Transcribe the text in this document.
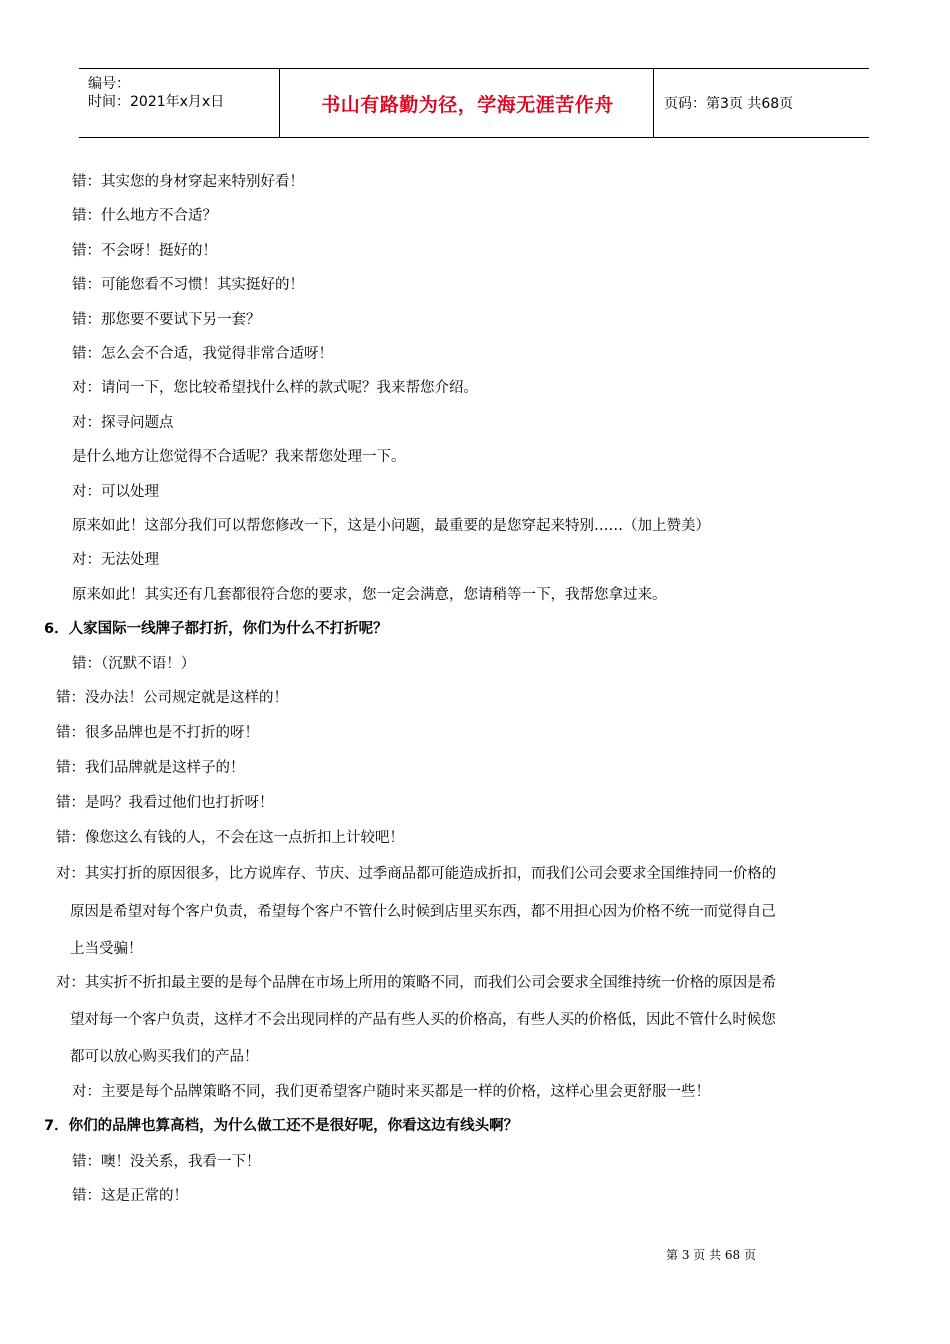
编号：
时间：2021年x月x日	书山有路勤为径，学海无涯苦作舟	页码：第3页 共68页
错：其实您的身材穿起来特别好看！
错：什么地方不合适？
错：不会呀！挺好的！
错：可能您看不习惯！其实挺好的！
错：那您要不要试下另一套？
错：怎么会不合适，我觉得非常合适呀！
对：请问一下，您比较希望找什么样的款式呢？我来帮您介绍。
对：探寻问题点
是什么地方让您觉得不合适呢？我来帮您处理一下。
对：可以处理
原来如此！这部分我们可以帮您修改一下，这是小问题，最重要的是您穿起来特别……（加上赞美）
对：无法处理
原来如此！其实还有几套都很符合您的要求，您一定会满意，您请稍等一下，我帮您拿过来。
6．人家国际一线牌子都打折，你们为什么不打折呢？
错：（沉默不语！）
错：没办法！公司规定就是这样的！
错：很多品牌也是不打折的呀！
错：我们品牌就是这样子的！
错：是吗？我看过他们也打折呀！
错：像您这么有钱的人，不会在这一点折扣上计较吧！
对：其实打折的原因很多，比方说库存、节庆、过季商品都可能造成折扣，而我们公司会要求全国维持同一价格的
原因是希望对每个客户负责，希望每个客户不管什么时候到店里买东西，都不用担心因为价格不统一而觉得自己
上当受骗！
对：其实折不折扣最主要的是每个品牌在市场上所用的策略不同，而我们公司会要求全国维持统一价格的原因是希
望对每一个客户负责，这样才不会出现同样的产品有些人买的价格高，有些人买的价格低，因此不管什么时候您
都可以放心购买我们的产品！
对：主要是每个品牌策略不同，我们更希望客户随时来买都是一样的价格，这样心里会更舒服一些！
7．你们的品牌也算高档，为什么做工还不是很好呢，你看这边有线头啊？
错：噢！没关系，我看一下！
错：这是正常的！
第 3 页 共 68 页
